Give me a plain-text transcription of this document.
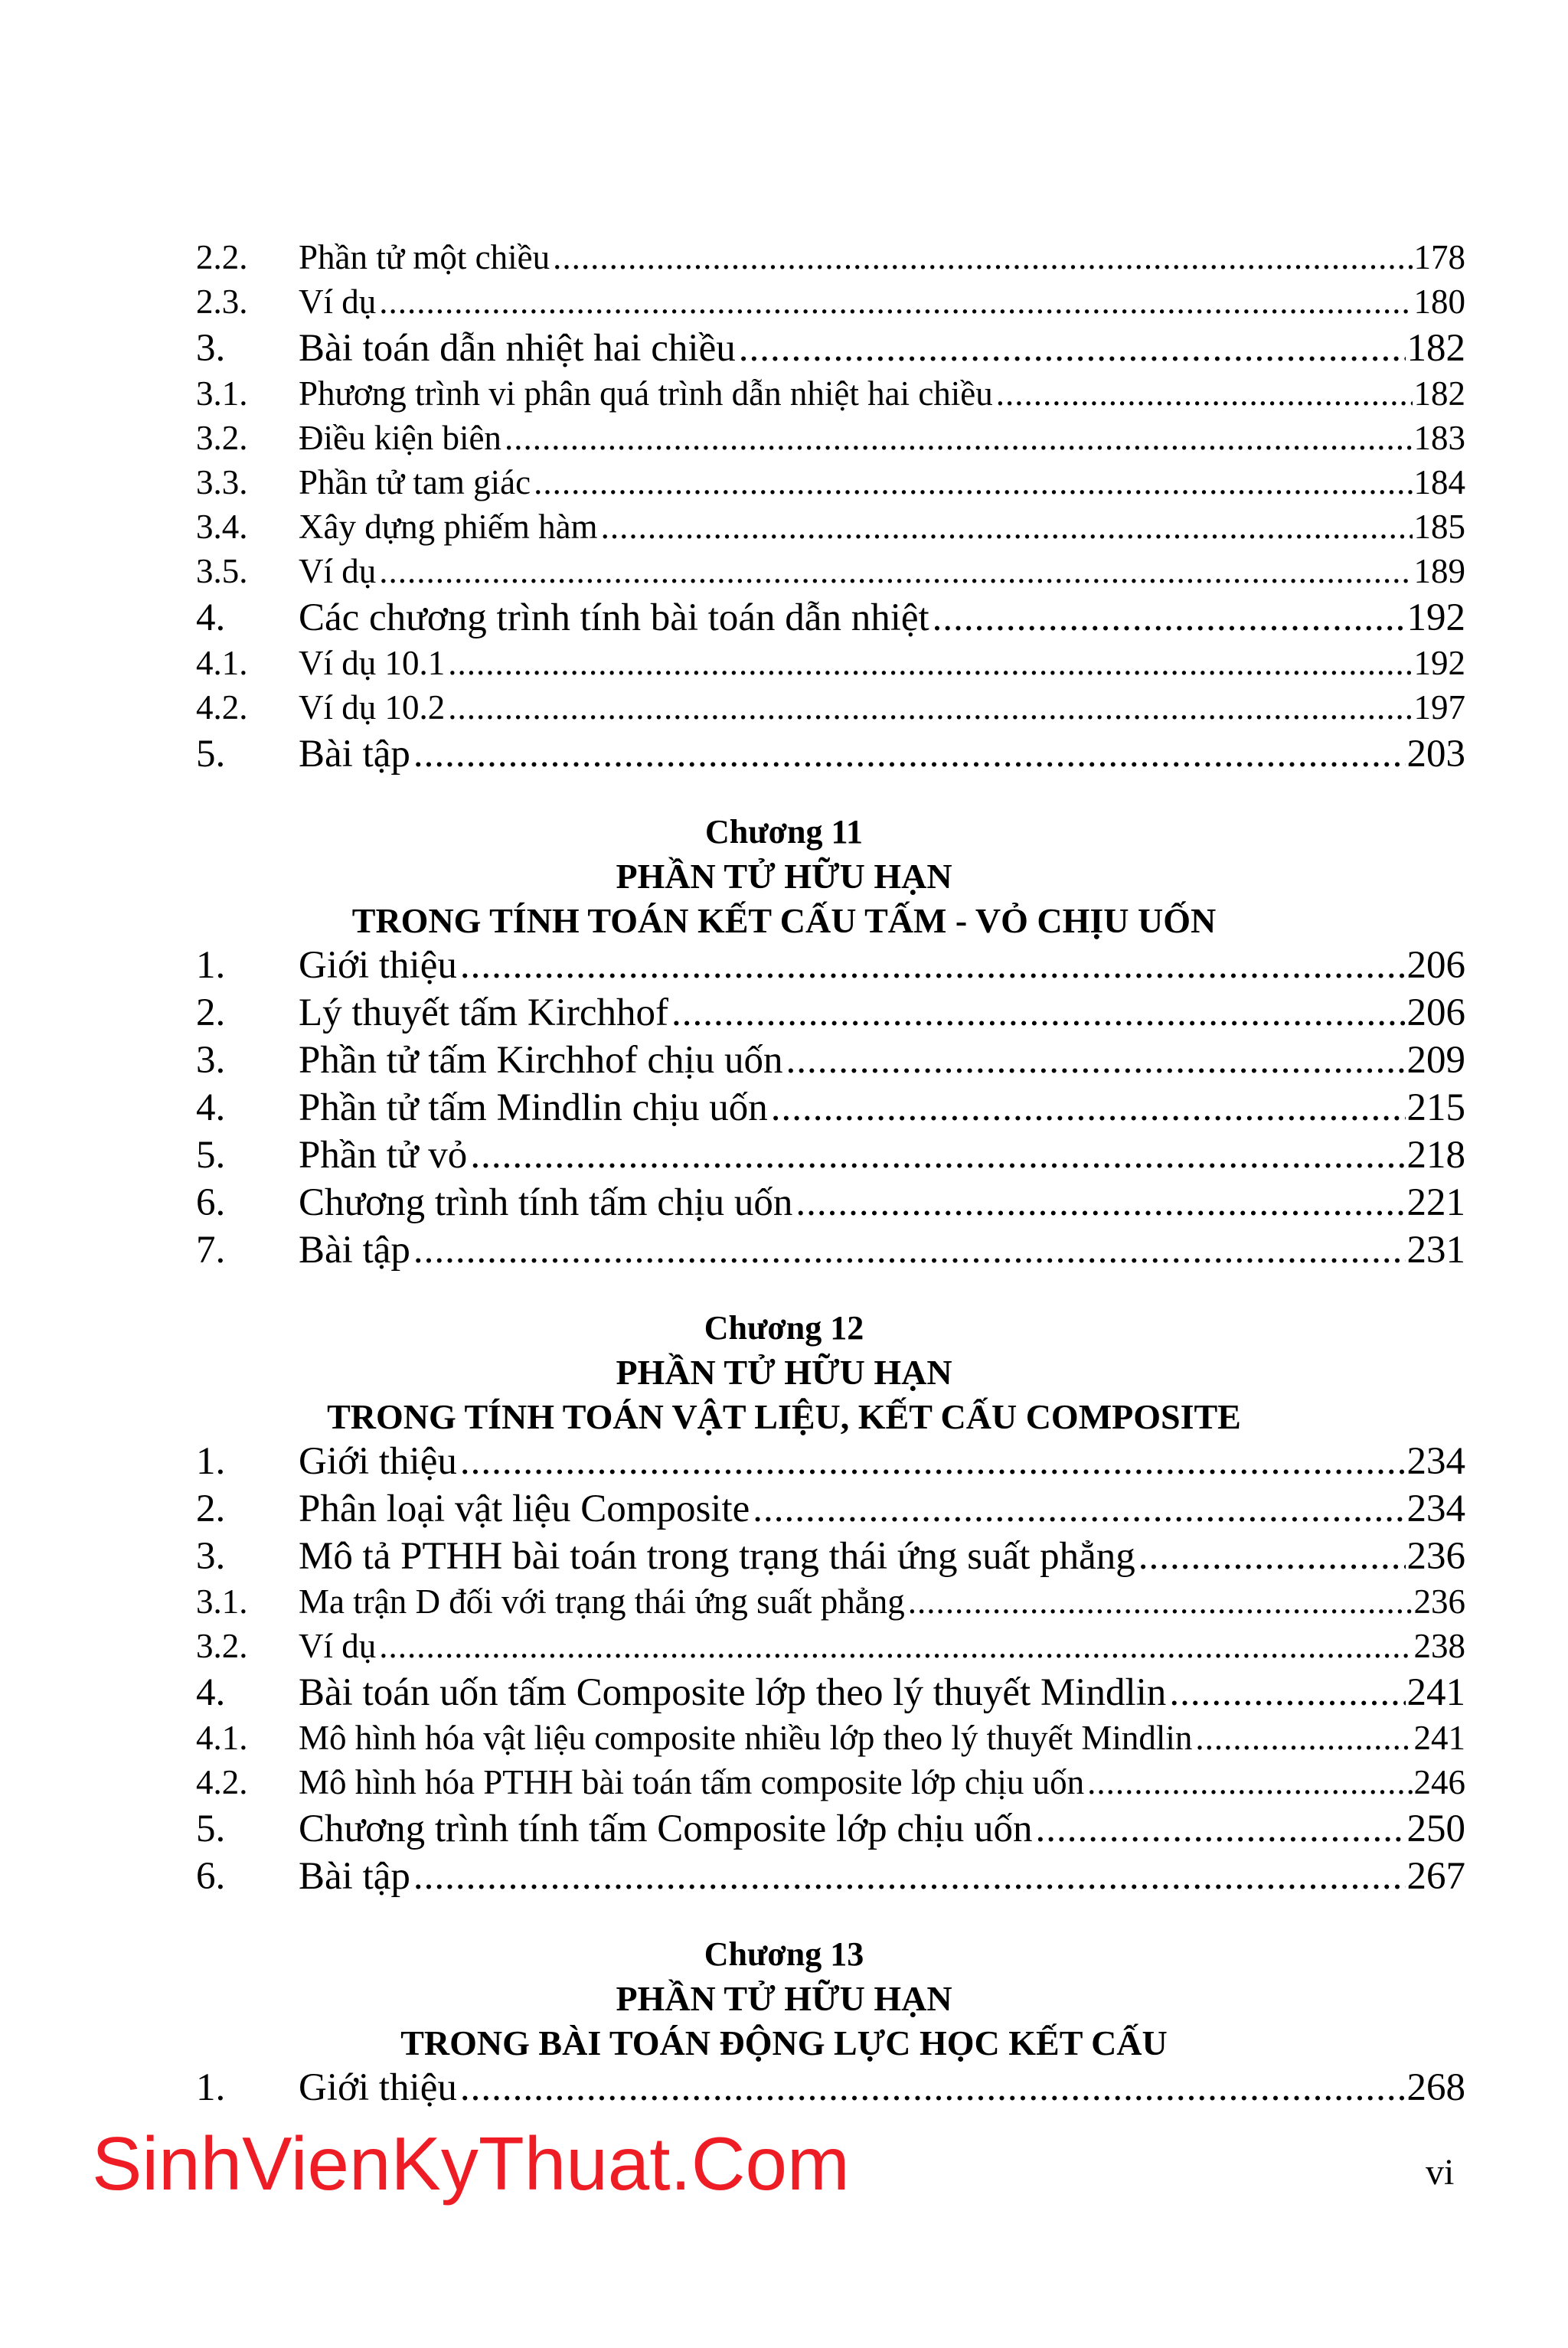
2.2.	Phần tử một chiều .....	178
2.3.	Ví dụ .....	180
3.	Bài toán dẫn nhiệt hai chiều .....	182
3.1.	Phương trình vi phân quá trình dẫn nhiệt hai chiều .....	182
3.2.	Điều kiện biên .....	183
3.3.	Phần tử tam giác .....	184
3.4.	Xây dựng phiếm hàm .....	185
3.5.	Ví dụ .....	189
4.	Các chương trình tính bài toán dẫn nhiệt .....	192
4.1.	Ví dụ 10.1 .....	192
4.2.	Ví dụ 10.2 .....	197
5.	Bài tập .....	203
Chương 11
PHẦN TỬ HỮU HẠN
TRONG TÍNH TOÁN KẾT CẤU TẤM - VỎ CHỊU UỐN
1.	Giới thiệu .....	206
2.	Lý thuyết tấm Kirchhof .....	206
3.	Phần tử tấm Kirchhof chịu uốn .....	209
4.	Phần tử tấm Mindlin chịu uốn .....	215
5.	Phần tử vỏ .....	218
6.	Chương trình tính tấm chịu uốn .....	221
7.	Bài tập .....	231
Chương 12
PHẦN TỬ HỮU HẠN
TRONG TÍNH TOÁN VẬT LIỆU, KẾT CẤU COMPOSITE
1.	Giới thiệu .....	234
2.	Phân loại vật liệu Composite .....	234
3.	Mô tả PTHH bài toán trong trạng thái ứng suất phẳng .....	236
3.1.	Ma trận D đối với trạng thái ứng suất phẳng .....	236
3.2.	Ví dụ .....	238
4.	Bài toán uốn tấm Composite lớp theo lý thuyết Mindlin .....	241
4.1.	Mô hình hóa vật liệu composite nhiều lớp theo lý thuyết Mindlin .....	241
4.2.	Mô hình hóa PTHH bài toán tấm composite lớp chịu uốn .....	246
5.	Chương trình tính tấm Composite lớp chịu uốn .....	250
6.	Bài tập .....	267
Chương 13
PHẦN TỬ HỮU HẠN
TRONG BÀI TOÁN ĐỘNG LỰC HỌC KẾT CẤU
1.	Giới thiệu .....	268
SinhVienKyThuat.Com	vi
